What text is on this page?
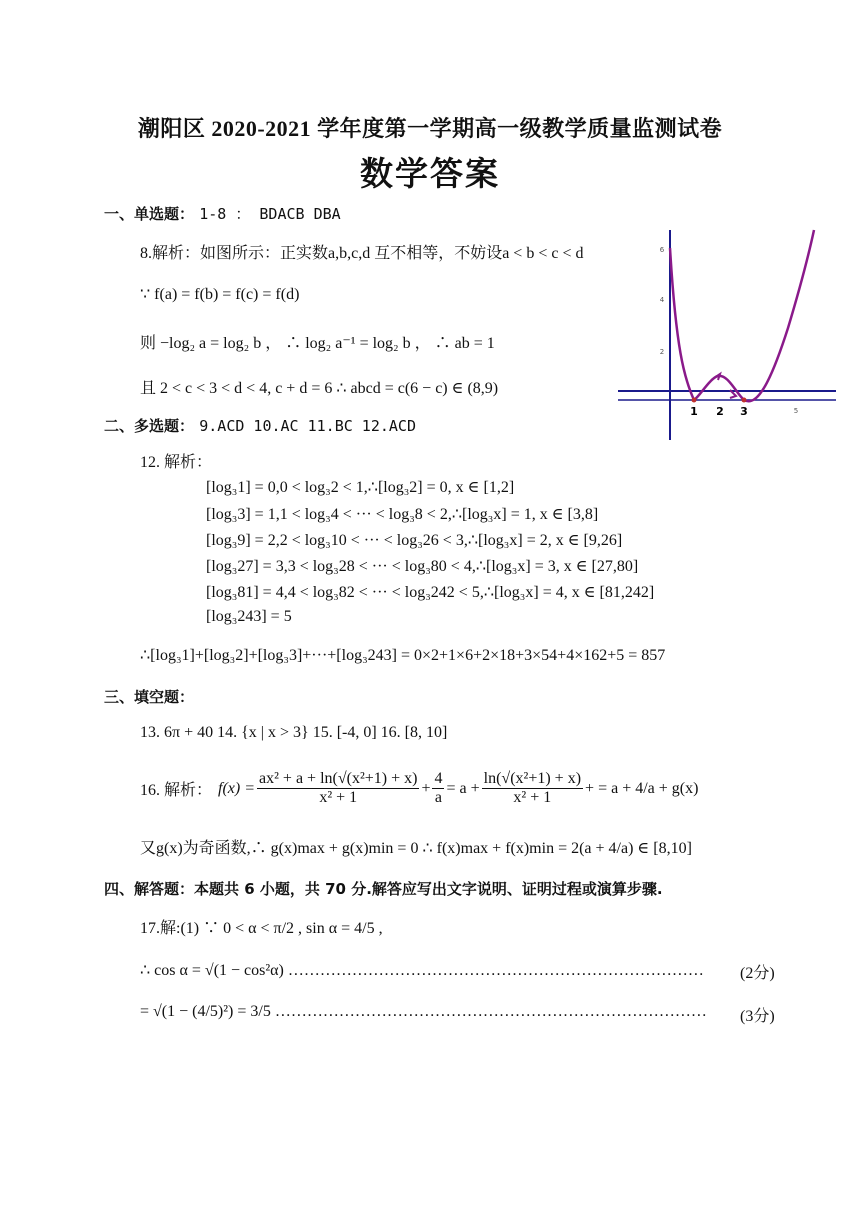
潮阳区 2020-2021 学年度第一学期高一级教学质量监测试卷
数学答案
一、单选题： 1-8 ： BDACB DBA
8.解析：如图所示：正实数a,b,c,d 互不相等，不妨设a < b < c < d
∵ f(a) = f(b) = f(c) = f(d)
则 −log₂ a = log₂ b ， ∴ log₂ a⁻¹ = log₂ b ， ∴ ab = 1
且 2 < c < 3 < d < 4, c + d = 6 ∴ abcd = c(6 − c) ∈ (8,9)
1 2 3	5
2
4
6
二、多选题： 9.ACD 10.AC 11.BC 12.ACD
12. 解析：
[log₃1] = 0,0 < log₃2 < 1,∴[log₃2] = 0, x ∈ [1,2]
[log₃3] = 1,1 < log₃4 < ··· < log₃8 < 2,∴[log₃x] = 1, x ∈ [3,8]
[log₃9] = 2,2 < log₃10 < ··· < log₃26 < 3,∴[log₃x] = 2, x ∈ [9,26]
[log₃27] = 3,3 < log₃28 < ··· < log₃80 < 4,∴[log₃x] = 3, x ∈ [27,80]
[log₃81] = 4,4 < log₃82 < ··· < log₃242 < 5,∴[log₃x] = 4, x ∈ [81,242]
[log₃243] = 5
∴[log₃1]+[log₃2]+[log₃3]+···+[log₃243] = 0×2+1×6+2×18+3×54+4×162+5 = 857
三、填空题：
13. 6π + 40 14. {x | x > 3} 15. [-4, 0] 16. [8, 10]
16. 解析： $f(x) = \frac{\text{ax² + a + ln(√(x²+1) + x)}}{\text{x² + 1}} + \frac{4}{a} = a + \frac{\text{ln(√(x²+1) + x)}}{\text{x² + 1}}$ + = a + 4/a + g(x)
又g(x)为奇函数,∴ g(x)max + g(x)min = 0 ∴ f(x)max + f(x)min = 2(a + 4/a) ∈ [8,10]
四、解答题：本题共 6 小题，共 70 分.解答应写出文字说明、证明过程或演算步骤.
17.解:(1) ∵ 0 < α < π/2 , sin α = 4/5 ,
∴ cos α = √(1 − cos²α) ……………………………………………………………………	(2分)
= √(1 − (4/5)²) = 3/5 ………………………………………………………………………	(3分)
